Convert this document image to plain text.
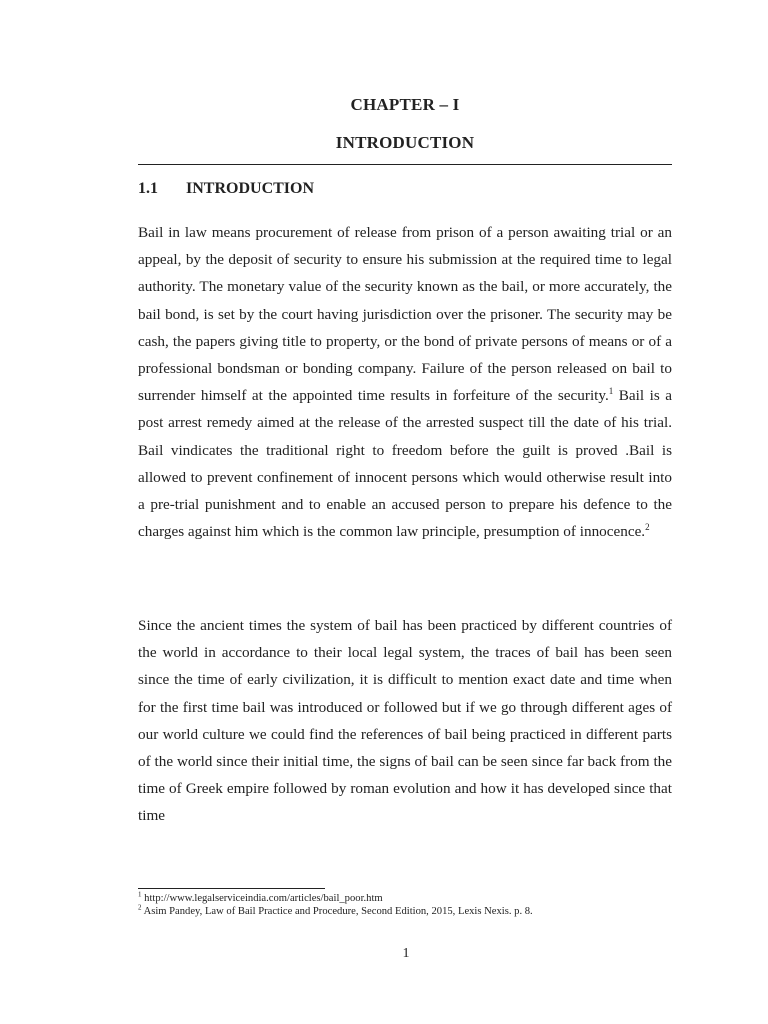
CHAPTER – I
INTRODUCTION
1.1 INTRODUCTION

Bail in law means procurement of release from prison of a person awaiting trial or an appeal, by the deposit of security to ensure his submission at the required time to legal authority. The monetary value of the security known as the bail, or more accurately, the bail bond, is set by the court having jurisdiction over the prisoner. The security may be cash, the papers giving title to property, or the bond of private persons of means or of a professional bondsman or bonding company. Failure of the person released on bail to surrender himself at the appointed time results in forfeiture of the security.$^1$ Bail is a post arrest remedy aimed at the release of the arrested suspect till the date of his trial. Bail vindicates the traditional right to freedom before the guilt is proved .Bail is allowed to prevent confinement of innocent persons which would otherwise result into a pre-trial punishment and to enable an accused person to prepare his defence to the charges against him which is the common law principle, presumption of innocence.$^2$

Since the ancient times the system of bail has been practiced by different countries of the world in accordance to their local legal system, the traces of bail has been seen since the time of early civilization, it is difficult to mention exact date and time when for the first time bail was introduced or followed but if we go through different ages of our world culture we could find the references of bail being practiced in different parts of the world since their initial time, the signs of bail can be seen since far back from the time of Greek empire followed by roman evolution and how it has developed since that time

$^1$ http://www.legalserviceindia.com/articles/bail_poor.htm

$^2$ Asim Pandey, Law of Bail Practice and Procedure, Second Edition, 2015, Lexis Nexis. p. 8.

1
